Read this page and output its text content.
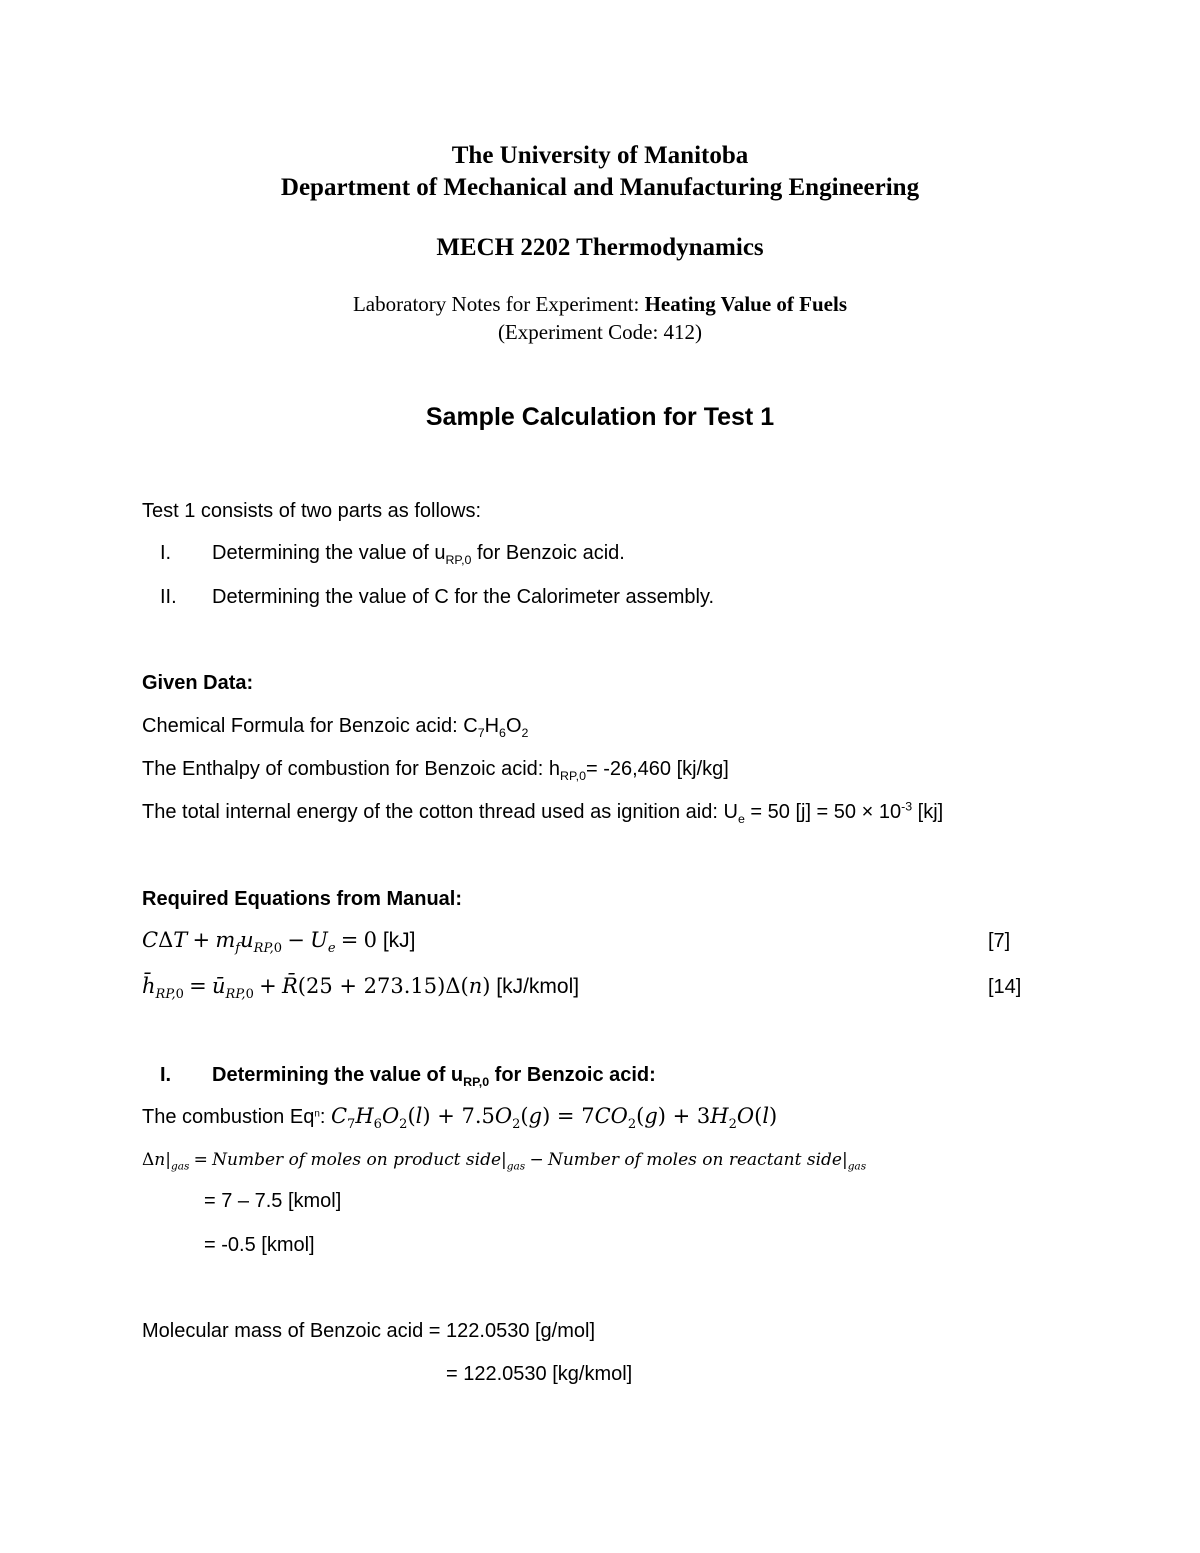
The University of Manitoba
Department of Mechanical and Manufacturing Engineering
MECH 2202 Thermodynamics
Laboratory Notes for Experiment: Heating Value of Fuels
(Experiment Code: 412)
Sample Calculation for Test 1
Test 1 consists of two parts as follows:
I. Determining the value of $u_{RP,0}$ for Benzoic acid.
II. Determining the value of C for the Calorimeter assembly.
Given Data:
Chemical Formula for Benzoic acid: $C_7H_6O_2$
The Enthalpy of combustion for Benzoic acid: $h_{RP,0}= -26,460$ [kj/kg]
The total internal energy of the cotton thread used as ignition aid: $U_e = 50$ $[j] = 50 \times 10^{-3}$ [kj]
Required Equations from Manual:
$C\Delta T + m_fu_{RP,0} - U_e = 0$ [kJ]	[7]
$h̄_{RP,0}$ = $ū_{RP,0}$ + R̄(25 + 273.15)Δ(n) [kJ/kmol]	[14]
I. Determining the value of $u_{RP,0}$ for Benzoic acid:
The combustion Eq$^n$: $C_7H_6O_2(l) + 7.5O_2(g) = 7CO_2(g) + 3H_2O(l)$
$\Delta n|_{gas}$ = Number of moles on product $side|_{gas}$ − Number of moles on reactant $side|_{gas}$
= 7 – 7.5 [kmol]
= -0.5 [kmol]
Molecular mass of Benzoic acid = 122.0530 [g/mol]
= 122.0530 [kg/kmol]
